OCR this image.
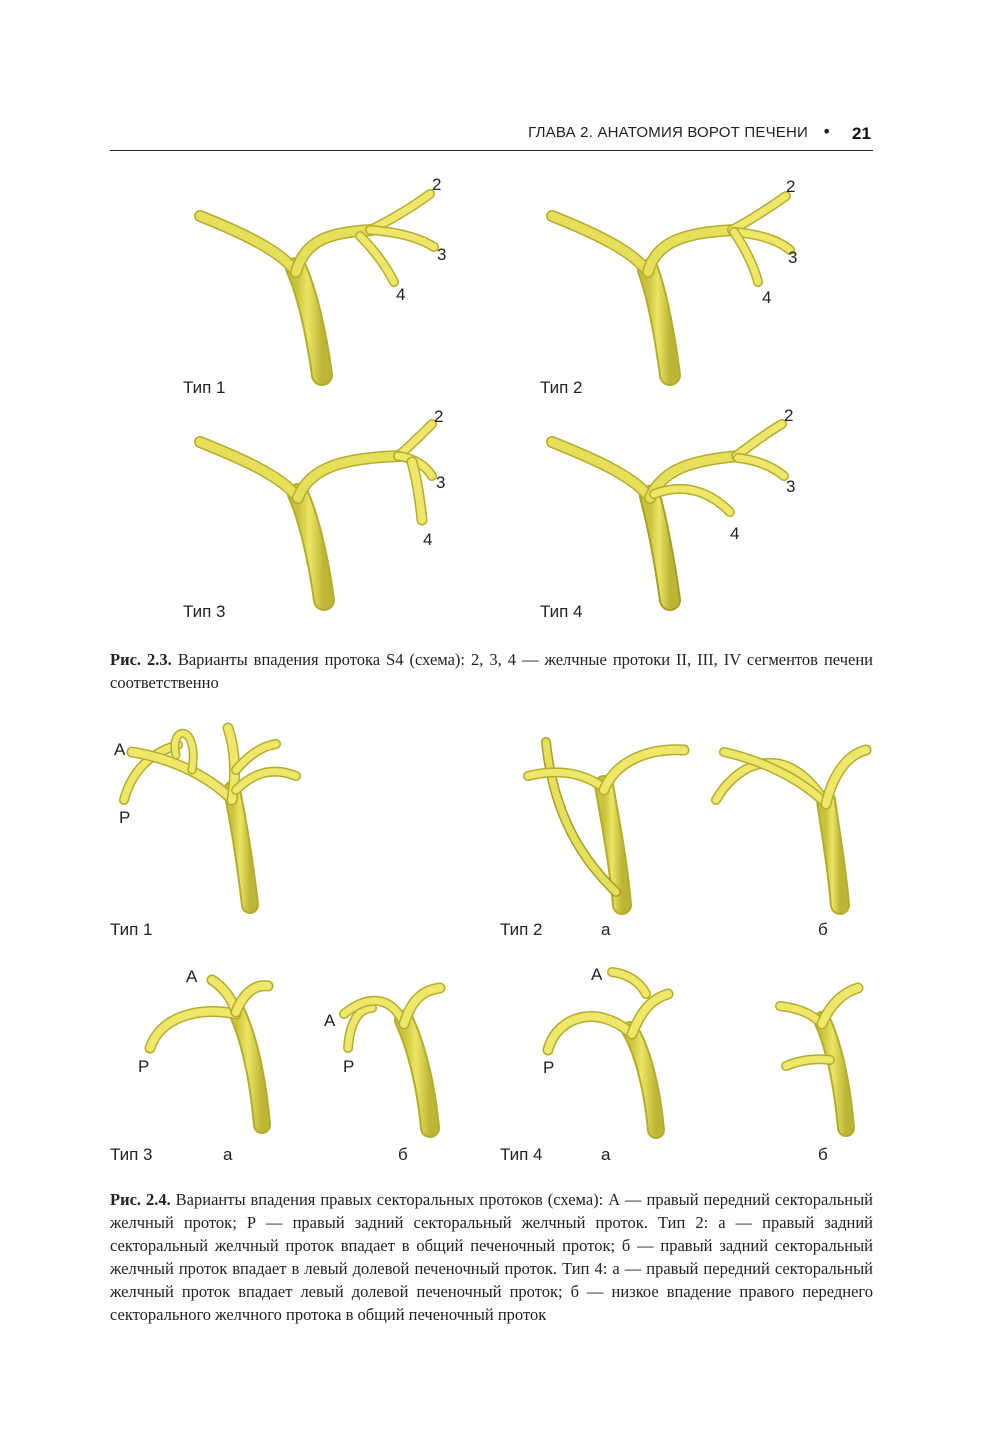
ГЛАВА 2. АНАТОМИЯ ВОРОТ ПЕЧЕНИ • 21
2
3
4
Тип 1
2
3
4
Тип 2
2
3
4
Тип 3
2
3
4
Тип 4

Рис. 2.3. Варианты впадения протока S4 (схема): 2, 3, 4 — желчные протоки II, III, IV сегментов печени соответственно

А
Р
Тип 1	Тип 2	а	б
А
Р
Тип 3	а
А
Р
б
А
Р
Тип 4	а	б

Рис. 2.4. Варианты впадения правых секторальных протоков (схема): А — правый передний секторальный желчный проток; Р — правый задний секторальный желчный проток. Тип 2: а — правый задний секторальный желчный проток впадает в общий печеночный проток; б — правый задний секторальный желчный проток впадает в левый долевой печеночный проток. Тип 4: а — правый передний секторальный желчный проток впадает левый долевой печеночный проток; б — низкое впадение правого переднего секторального желчного протока в общий печеночный проток
